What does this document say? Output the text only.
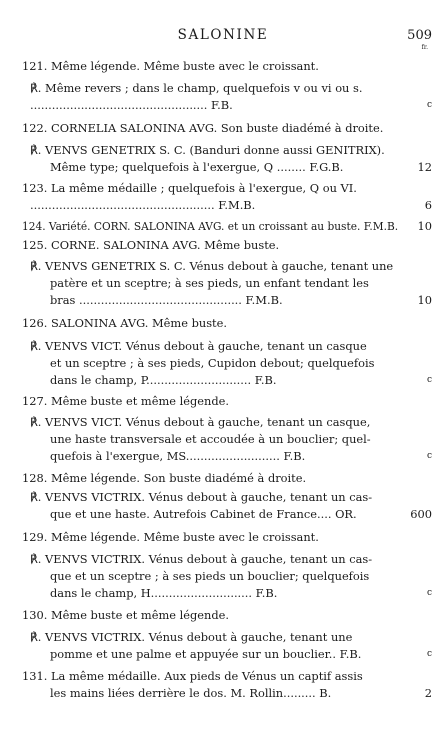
SALONINE	509
fr.
121. Même légende. Même buste avec le croissant.
℟. Même revers ; dans le champ, quelquefois v ou vi ou s.
................................................. F.B.	c
122. CORNELIA SALONINA AVG. Son buste diadémé à droite.
℟. VENVS GENETRIX S. C. (Banduri donne aussi GENITRIX).
Même type; quelquefois à l'exergue, Q ........ F.G.B.	12
123. La même médaille ; quelquefois à l'exergue, Q ou VI.
................................................... F.M.B.	6
124. Variété. CORN. SALONINA AVG. et un croissant au buste. F.M.B.	10
125. CORNE. SALONINA AVG. Même buste.
℟. VENVS GENETRIX S. C. Vénus debout à gauche, tenant une
patère et un sceptre; à ses pieds, un enfant tendant les
bras ............................................. F.M.B.	10
126. SALONINA AVG. Même buste.
℟. VENVS VICT. Vénus debout à gauche, tenant un casque
et un sceptre ; à ses pieds, Cupidon debout; quelquefois
dans le champ, P............................. F.B.	c
127. Même buste et même légende.
℟. VENVS VICT. Vénus debout à gauche, tenant un casque,
une haste transversale et accoudée à un bouclier; quel-
quefois à l'exergue, MS.......................... F.B.	c
128. Même légende. Son buste diadémé à droite.
℟. VENVS VICTRIX. Vénus debout à gauche, tenant un cas-
que et une haste. Autrefois Cabinet de France.... OR.	600
129. Même légende. Même buste avec le croissant.
℟. VENVS VICTRIX. Vénus debout à gauche, tenant un cas-
que et un sceptre ; à ses pieds un bouclier; quelquefois
dans le champ, H............................ F.B.	c
130. Même buste et même légende.
℟. VENVS VICTRIX. Vénus debout à gauche, tenant une
pomme et une palme et appuyée sur un bouclier.. F.B.	c
131. La même médaille. Aux pieds de Vénus un captif assis
les mains liées derrière le dos. M. Rollin......... B.	2
